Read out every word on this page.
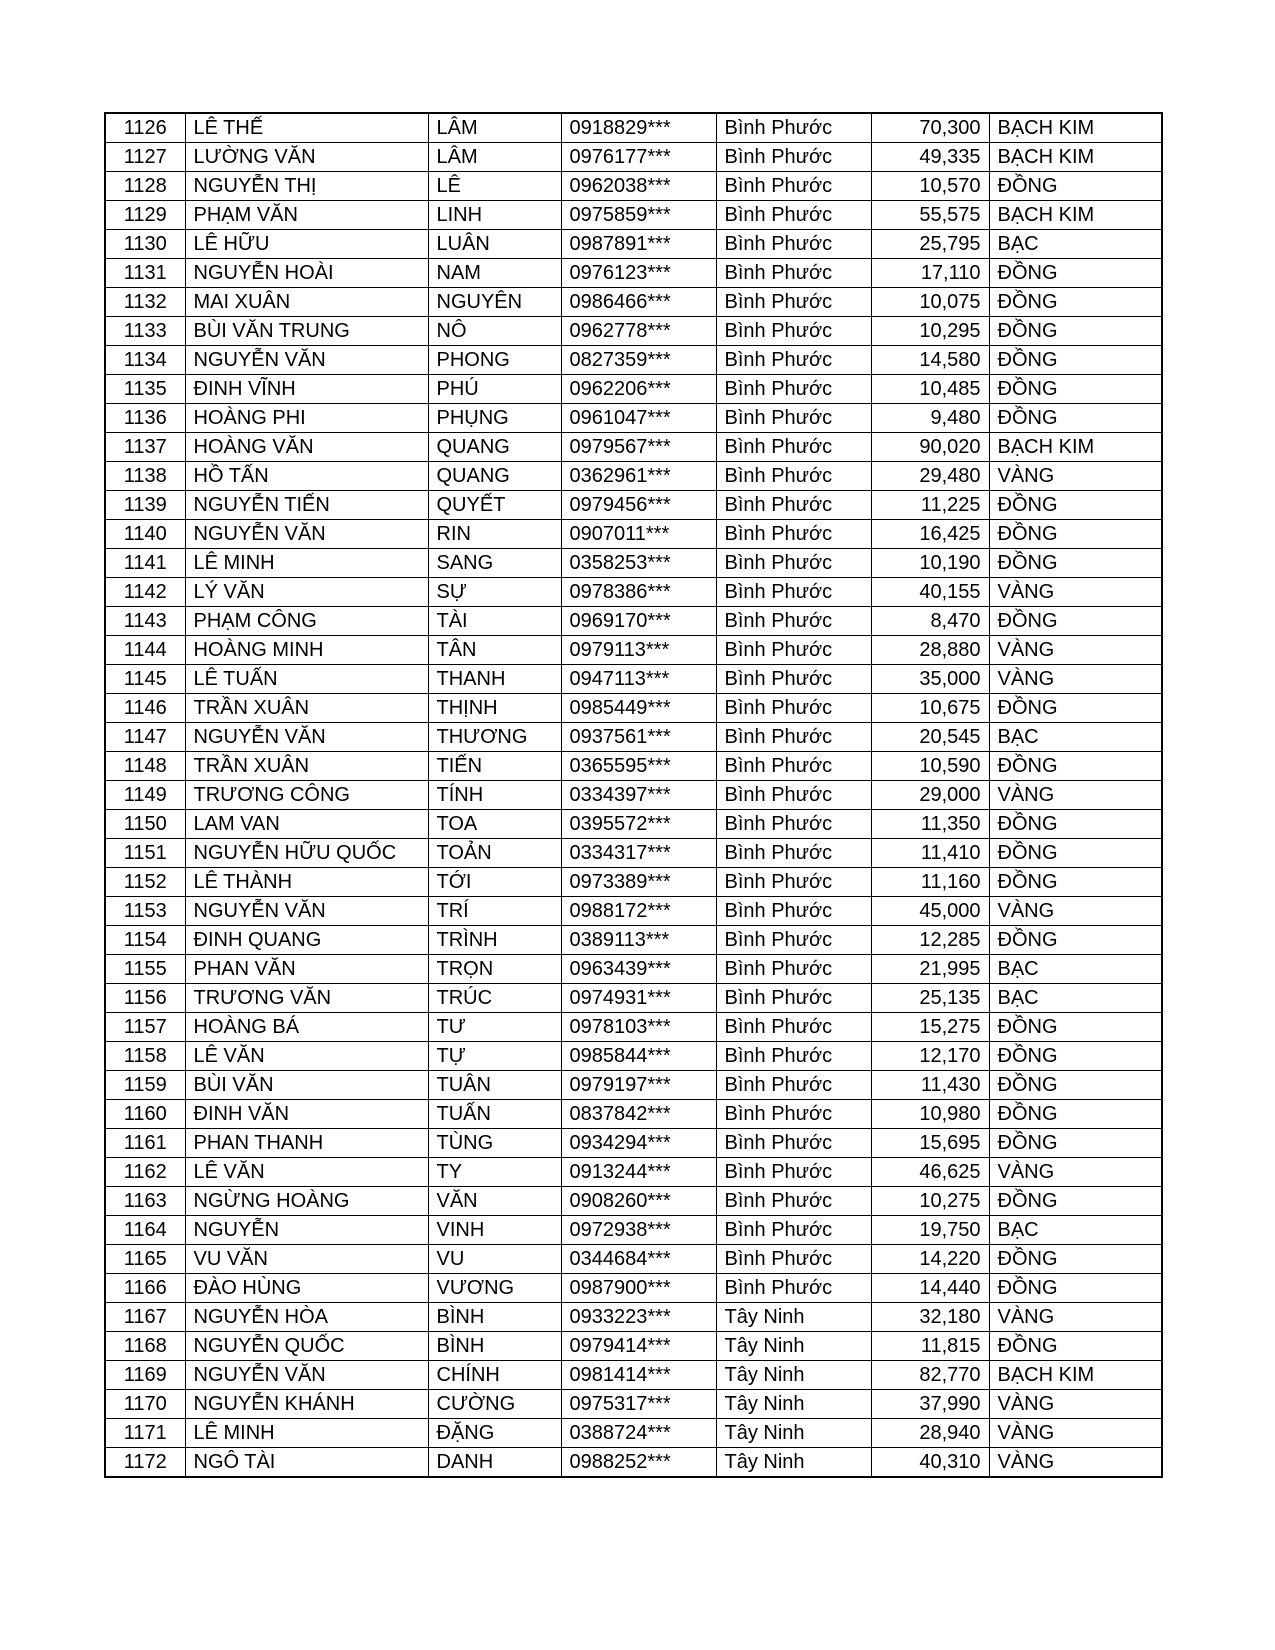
1126	LÊ THẾ	LÂM	0918829***	Bình Phước	70,300	BẠCH KIM
1127	LƯỜNG VĂN	LÂM	0976177***	Bình Phước	49,335	BẠCH KIM
1128	NGUYỄN THỊ	LÊ	0962038***	Bình Phước	10,570	ĐỒNG
1129	PHẠM VĂN	LINH	0975859***	Bình Phước	55,575	BẠCH KIM
1130	LÊ HỮU	LUÂN	0987891***	Bình Phước	25,795	BẠC
1131	NGUYỄN HOÀI	NAM	0976123***	Bình Phước	17,110	ĐỒNG
1132	MAI XUÂN	NGUYÊN	0986466***	Bình Phước	10,075	ĐỒNG
1133	BÙI VĂN TRUNG	NÔ	0962778***	Bình Phước	10,295	ĐỒNG
1134	NGUYỄN VĂN	PHONG	0827359***	Bình Phước	14,580	ĐỒNG
1135	ĐINH VĨNH	PHÚ	0962206***	Bình Phước	10,485	ĐỒNG
1136	HOÀNG PHI	PHỤNG	0961047***	Bình Phước	9,480	ĐỒNG
1137	HOÀNG VĂN	QUANG	0979567***	Bình Phước	90,020	BẠCH KIM
1138	HỒ TẤN	QUANG	0362961***	Bình Phước	29,480	VÀNG
1139	NGUYỄN TIẾN	QUYẾT	0979456***	Bình Phước	11,225	ĐỒNG
1140	NGUYỄN VĂN	RIN	0907011***	Bình Phước	16,425	ĐỒNG
1141	LÊ MINH	SANG	0358253***	Bình Phước	10,190	ĐỒNG
1142	LÝ VĂN	SỰ	0978386***	Bình Phước	40,155	VÀNG
1143	PHẠM CÔNG	TÀI	0969170***	Bình Phước	8,470	ĐỒNG
1144	HOÀNG MINH	TÂN	0979113***	Bình Phước	28,880	VÀNG
1145	LÊ TUẤN	THANH	0947113***	Bình Phước	35,000	VÀNG
1146	TRẦN XUÂN	THỊNH	0985449***	Bình Phước	10,675	ĐỒNG
1147	NGUYỄN VĂN	THƯƠNG	0937561***	Bình Phước	20,545	BẠC
1148	TRẦN XUÂN	TIẾN	0365595***	Bình Phước	10,590	ĐỒNG
1149	TRƯƠNG CÔNG	TÍNH	0334397***	Bình Phước	29,000	VÀNG
1150	LAM VAN	TOA	0395572***	Bình Phước	11,350	ĐỒNG
1151	NGUYỄN HỮU QUỐC	TOẢN	0334317***	Bình Phước	11,410	ĐỒNG
1152	LÊ THÀNH	TỚI	0973389***	Bình Phước	11,160	ĐỒNG
1153	NGUYỄN VĂN	TRÍ	0988172***	Bình Phước	45,000	VÀNG
1154	ĐINH QUANG	TRÌNH	0389113***	Bình Phước	12,285	ĐỒNG
1155	PHAN VĂN	TRỌN	0963439***	Bình Phước	21,995	BẠC
1156	TRƯƠNG VĂN	TRÚC	0974931***	Bình Phước	25,135	BẠC
1157	HOÀNG BÁ	TƯ	0978103***	Bình Phước	15,275	ĐỒNG
1158	LÊ VĂN	TỰ	0985844***	Bình Phước	12,170	ĐỒNG
1159	BÙI VĂN	TUÂN	0979197***	Bình Phước	11,430	ĐỒNG
1160	ĐINH VĂN	TUẤN	0837842***	Bình Phước	10,980	ĐỒNG
1161	PHAN THANH	TÙNG	0934294***	Bình Phước	15,695	ĐỒNG
1162	LÊ VĂN	TY	0913244***	Bình Phước	46,625	VÀNG
1163	NGỪNG HOÀNG	VĂN	0908260***	Bình Phước	10,275	ĐỒNG
1164	NGUYỄN	VINH	0972938***	Bình Phước	19,750	BẠC
1165	VU VĂN	VU	0344684***	Bình Phước	14,220	ĐỒNG
1166	ĐÀO HÙNG	VƯƠNG	0987900***	Bình Phước	14,440	ĐỒNG
1167	NGUYỄN HÒA	BÌNH	0933223***	Tây Ninh	32,180	VÀNG
1168	NGUYỄN QUỐC	BÌNH	0979414***	Tây Ninh	11,815	ĐỒNG
1169	NGUYỄN VĂN	CHÍNH	0981414***	Tây Ninh	82,770	BẠCH KIM
1170	NGUYỄN KHÁNH	CƯỜNG	0975317***	Tây Ninh	37,990	VÀNG
1171	LÊ MINH	ĐẶNG	0388724***	Tây Ninh	28,940	VÀNG
1172	NGÔ TÀI	DANH	0988252***	Tây Ninh	40,310	VÀNG
